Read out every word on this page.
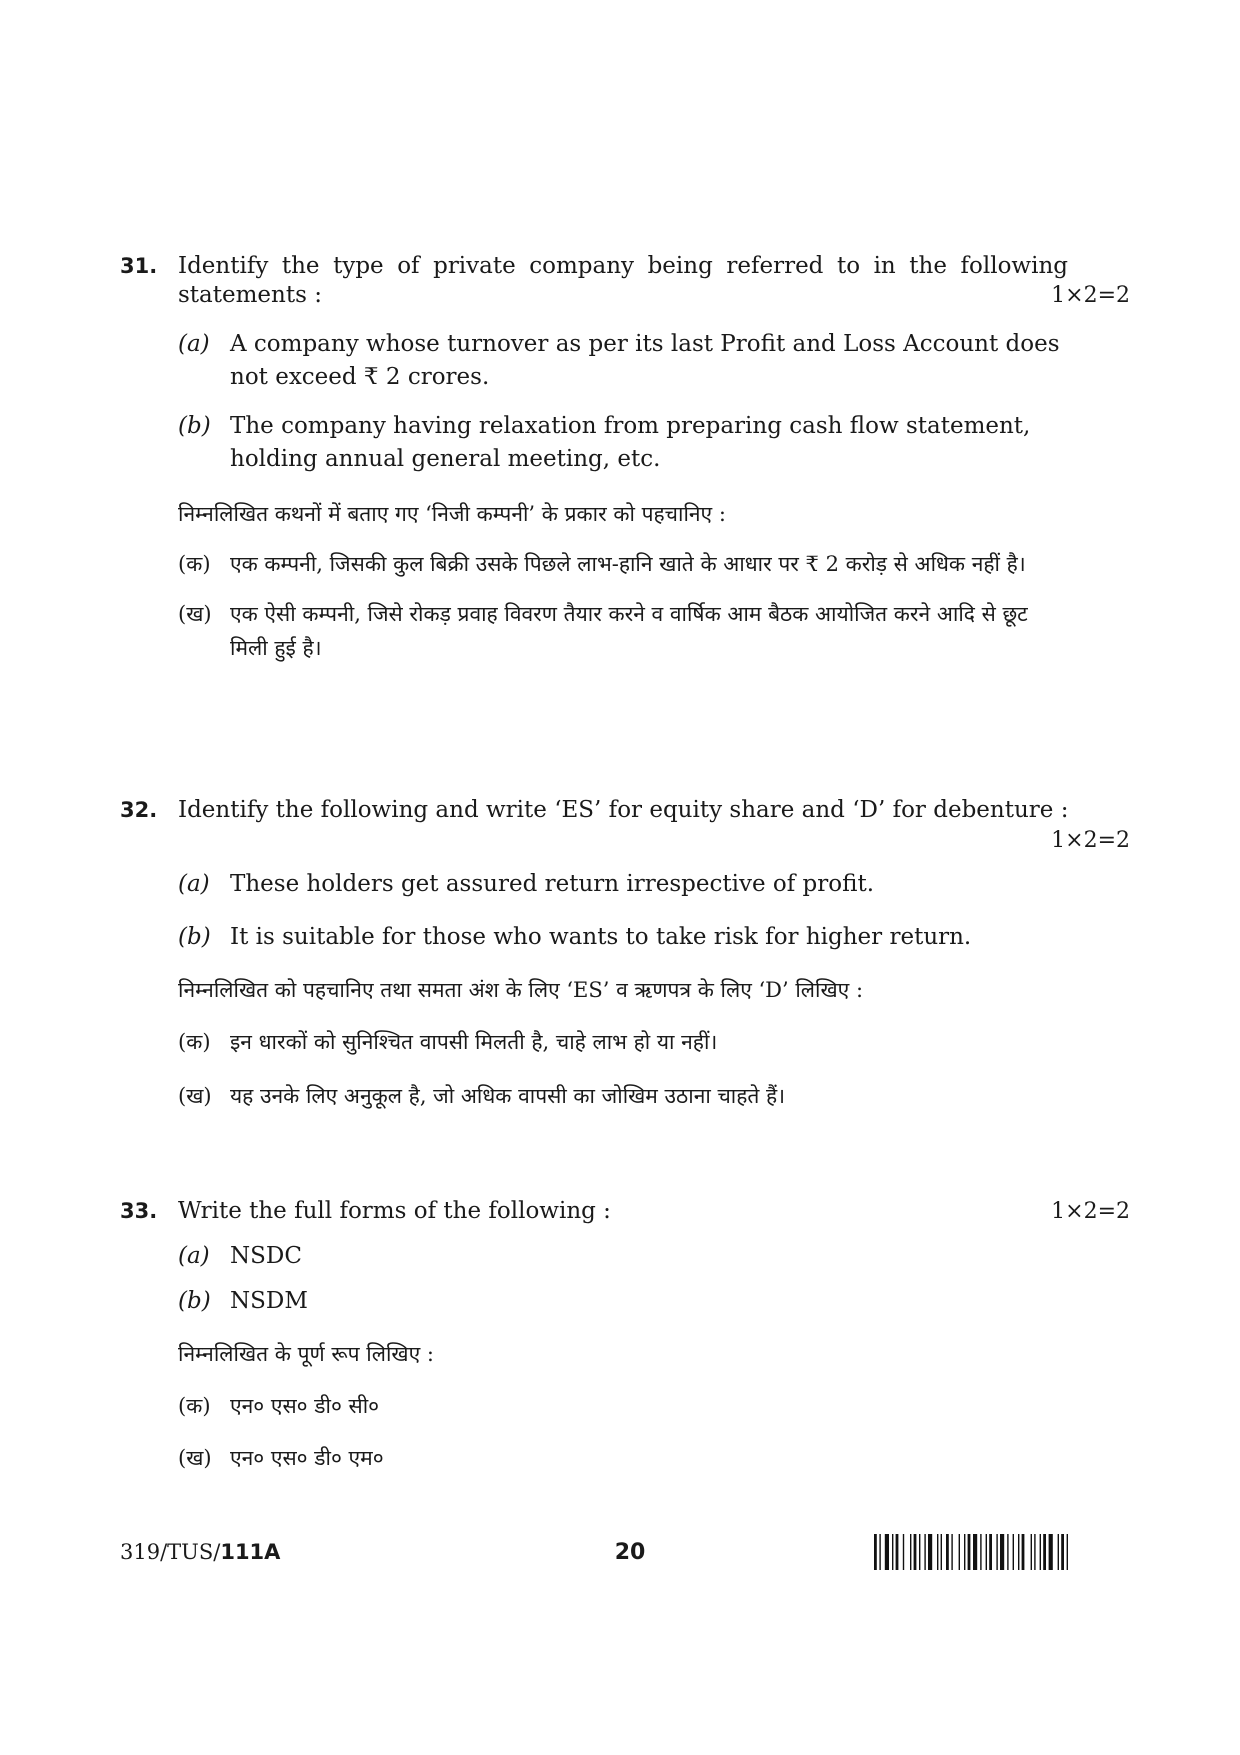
31. Identify the type of private company being referred to in the following statements :	1×2=2
(a) A company whose turnover as per its last Profit and Loss Account does not exceed ₹ 2 crores.
(b) The company having relaxation from preparing cash flow statement, holding annual general meeting, etc.
निम्नलिखित कथनों में बताए गए ‘निजी कम्पनी’ के प्रकार को पहचानिए :
(क) एक कम्पनी, जिसकी कुल बिक्री उसके पिछले लाभ-हानि खाते के आधार पर ₹ 2 करोड़ से अधिक नहीं है।
(ख) एक ऐसी कम्पनी, जिसे रोकड़ प्रवाह विवरण तैयार करने व वार्षिक आम बैठक आयोजित करने आदि से छूट मिली हुई है।
32. Identify the following and write ‘ES’ for equity share and ‘D’ for debenture :
1×2=2
(a) These holders get assured return irrespective of profit.
(b) It is suitable for those who wants to take risk for higher return.
निम्नलिखित को पहचानिए तथा समता अंश के लिए ‘ES’ व ऋणपत्र के लिए ‘D’ लिखिए :
(क) इन धारकों को सुनिश्चित वापसी मिलती है, चाहे लाभ हो या नहीं।
(ख) यह उनके लिए अनुकूल है, जो अधिक वापसी का जोखिम उठाना चाहते हैं।
33. Write the full forms of the following :	1×2=2
(a) NSDC
(b) NSDM
निम्नलिखित के पूर्ण रूप लिखिए :
(क) एन० एस० डी० सी०
(ख) एन० एस० डी० एम०
319/TUS/111A	20
